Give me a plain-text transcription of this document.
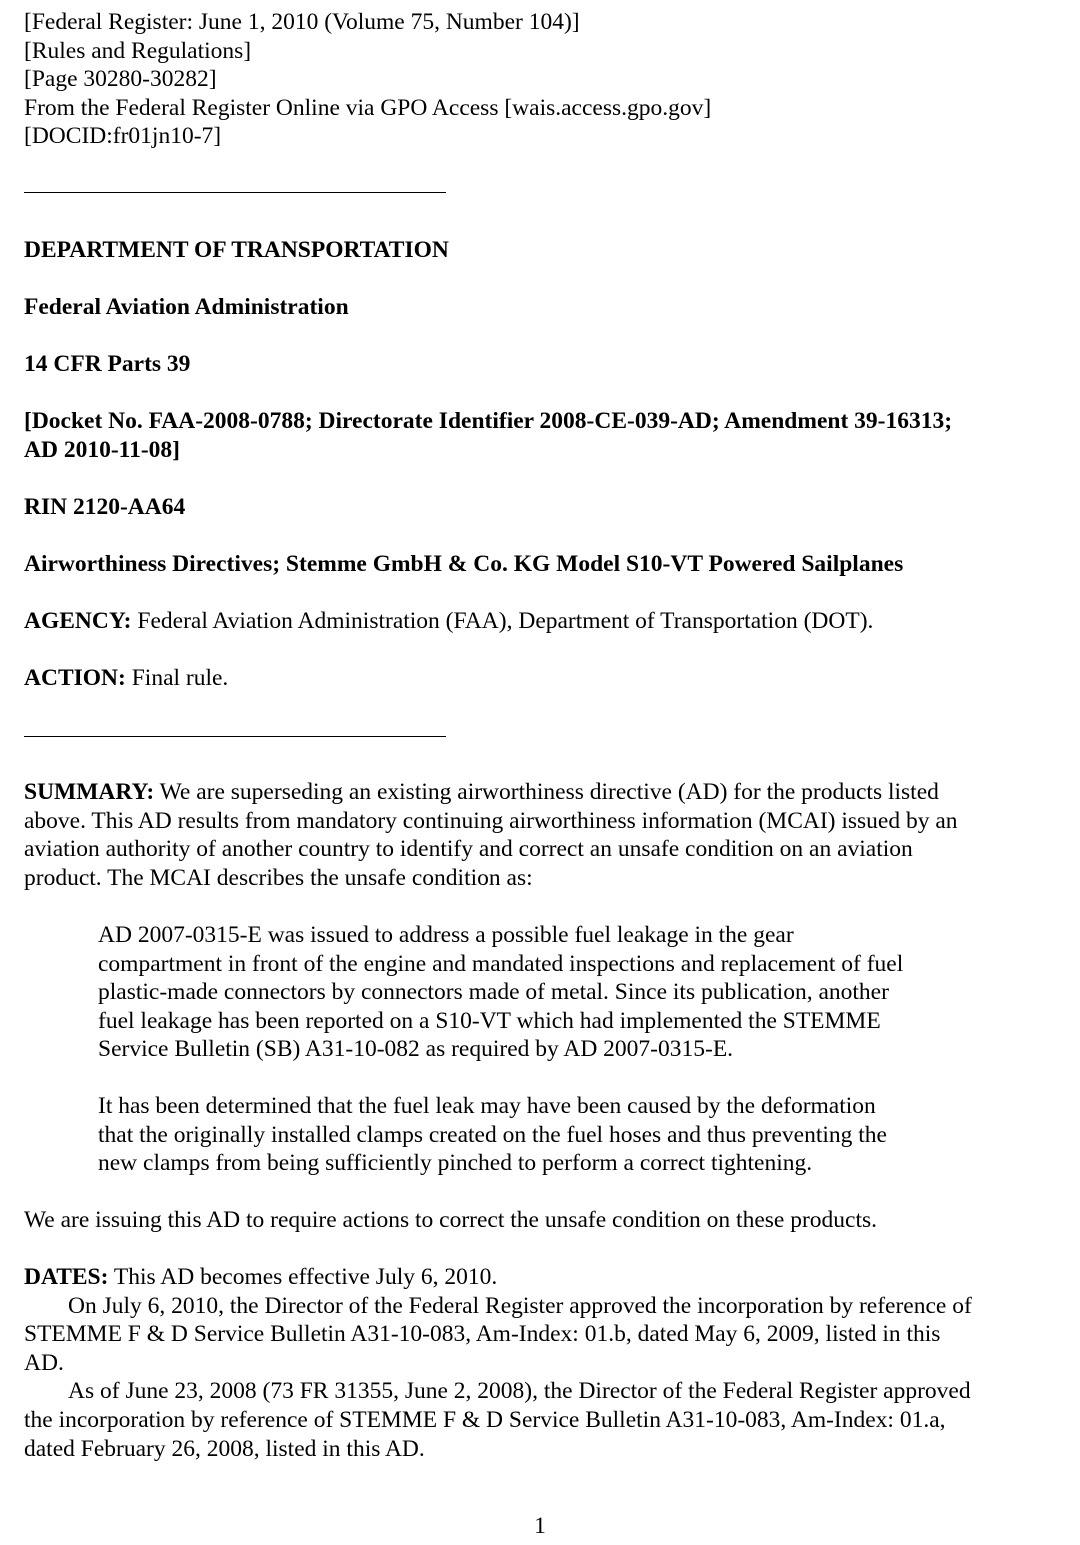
[Federal Register: June 1, 2010 (Volume 75, Number 104)]
[Rules and Regulations]
[Page 30280-30282]
From the Federal Register Online via GPO Access [wais.access.gpo.gov]
[DOCID:fr01jn10-7]
DEPARTMENT OF TRANSPORTATION
Federal Aviation Administration
14 CFR Parts 39
[Docket No. FAA-2008-0788; Directorate Identifier 2008-CE-039-AD; Amendment 39-16313;
AD 2010-11-08]
RIN 2120-AA64
Airworthiness Directives; Stemme GmbH & Co. KG Model S10-VT Powered Sailplanes
AGENCY: Federal Aviation Administration (FAA), Department of Transportation (DOT).
ACTION: Final rule.
SUMMARY: We are superseding an existing airworthiness directive (AD) for the products listed
above. This AD results from mandatory continuing airworthiness information (MCAI) issued by an
aviation authority of another country to identify and correct an unsafe condition on an aviation
product. The MCAI describes the unsafe condition as:
AD 2007-0315-E was issued to address a possible fuel leakage in the gear
compartment in front of the engine and mandated inspections and replacement of fuel
plastic-made connectors by connectors made of metal. Since its publication, another
fuel leakage has been reported on a S10-VT which had implemented the STEMME
Service Bulletin (SB) A31-10-082 as required by AD 2007-0315-E.
It has been determined that the fuel leak may have been caused by the deformation
that the originally installed clamps created on the fuel hoses and thus preventing the
new clamps from being sufficiently pinched to perform a correct tightening.
We are issuing this AD to require actions to correct the unsafe condition on these products.
DATES: This AD becomes effective July 6, 2010.
On July 6, 2010, the Director of the Federal Register approved the incorporation by reference of
STEMME F & D Service Bulletin A31-10-083, Am-Index: 01.b, dated May 6, 2009, listed in this
AD.
As of June 23, 2008 (73 FR 31355, June 2, 2008), the Director of the Federal Register approved
the incorporation by reference of STEMME F & D Service Bulletin A31-10-083, Am-Index: 01.a,
dated February 26, 2008, listed in this AD.
1
